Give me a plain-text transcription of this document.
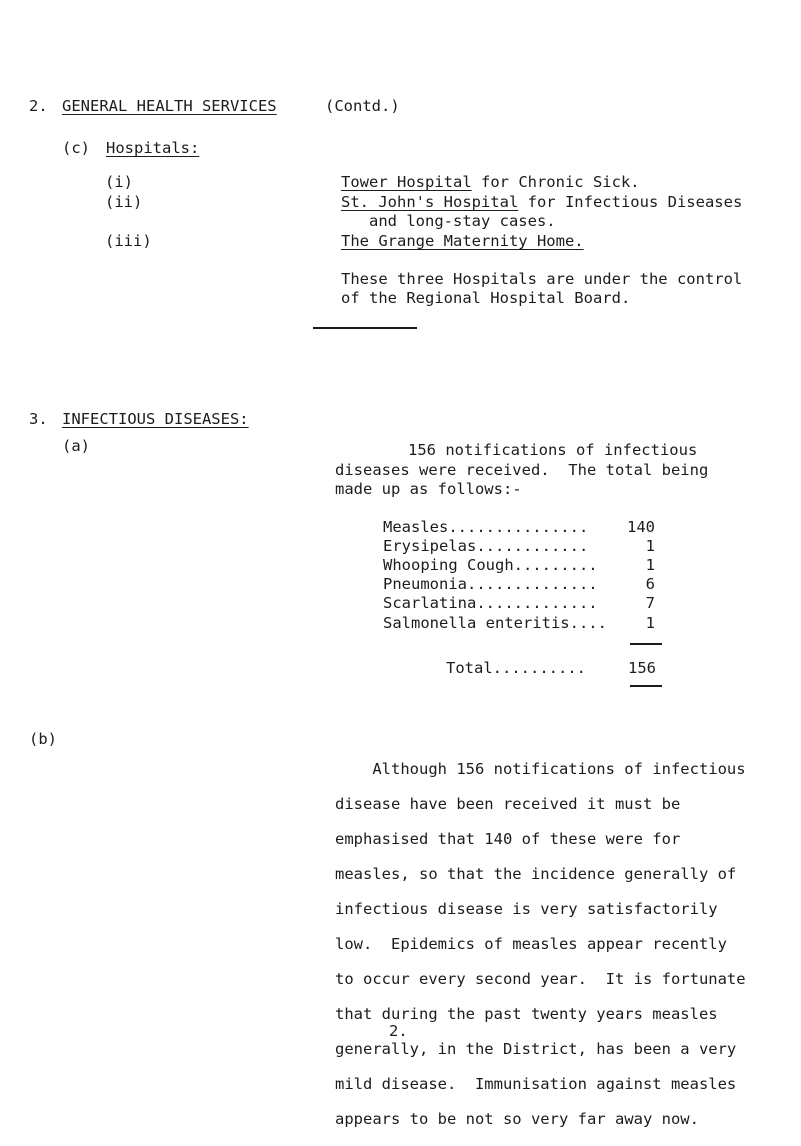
2. GENERAL HEALTH SERVICES	(Contd.)
(c) Hospitals:
(i)	Tower Hospital for Chronic Sick.
(ii)	St. John's Hospital for Infectious Diseases
and long-stay cases.
(iii)	The Grange Maternity Home.
These three Hospitals are under the control
of the Regional Hospital Board.
3. INFECTIOUS DISEASES:
(a)	156 notifications of infectious
diseases were received.  The total being
made up as follows:-
Measles............... 140
Erysipelas............	1
Whooping Cough.........	1
Pneumonia..............	6
Scarlatina.............	7
Salmonella enteritis.... 1
Total..........	156
(b)

Although 156 notifications of infectious

disease have been received it must be

emphasised that 140 of these were for

measles, so that the incidence generally of

infectious disease is very satisfactorily

low.  Epidemics of measles appear recently

to occur every second year.  It is fortunate

that during the past twenty years measles

generally, in the District, has been a very

mild disease.  Immunisation against measles

appears to be not so very far away now.

2.
